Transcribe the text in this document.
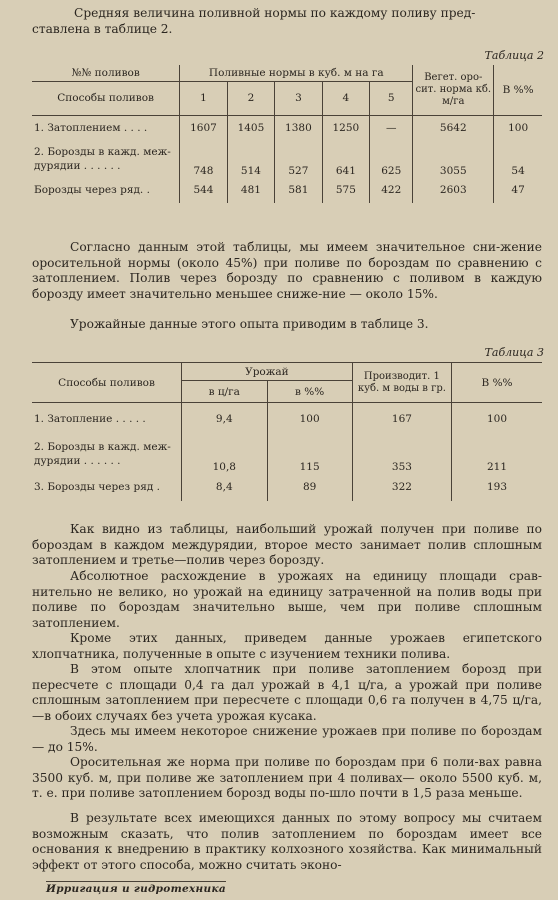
Средняя величина поливной нормы по каждому поливу пред-

ставлена в таблице 2.

Таблица 2
№№ поливов	Поливные нормы в куб. м на га					Вегет. оро-сит. норма кб. м/га	В %%
Способы поливов	1	2	3	4	5		
1. Затоплением . . . .	1607	1405	1380	1250	—	5642	100
2. Борозды в кажд. меж-
дурядии . . . . . .	748	514	527	641	625	3055	54
Борозды через ряд. .	544	481	581	575	422	2603	47

Согласно данным этой таблицы, мы имеем значительное сни-жение оросительной нормы (около 45%) при поливе по бороздам по сравнению с затоплением. Полив через борозду по сравнению с поливом в каждую борозду имеет значительно меньшее сниже-ние — около 15%.

Урожайные данные этого опыта приводим в таблице 3.

Таблица 3
Способы поливов	Урожай		Производит. 1 куб. м воды в гр.	В %%
	в ц/га	в %%		
1. Затопление . . . . .	9,4	100	167	100
2. Борозды в кажд. меж-
дурядии . . . . . .	10,8	115	353	211
3. Борозды через ряд .	8,4	89	322	193

Как видно из таблицы, наибольший урожай получен при поливе по бороздам в каждом междурядии, второе место занимает полив сплошным затоплением и третье—полив через борозду.

Абсолютное расхождение в урожаях на единицу площади срав-нительно не велико, но урожай на единицу затраченной на полив воды при поливе по бороздам значительно выше, чем при поливе сплошным затоплением.

Кроме этих данных, приведем данные урожаев египетского хлопчатника, полученные в опыте с изучением техники полива.

В этом опыте хлопчатник при поливе затоплением борозд при пересчете с площади 0,4 га дал урожай в 4,1 ц/га, а урожай при поливе сплошным затоплением при пересчете с площади 0,6 га получен в 4,75 ц/га,—в обоих случаях без учета урожая кусака.

Здесь мы имеем некоторое снижение урожаев при поливе по бороздам — до 15%.

Оросительная же норма при поливе по бороздам при 6 поли-вах равна 3500 куб. м, при поливе же затоплением при 4 поливах— около 5500 куб. м, т. е. при поливе затоплением борозд воды по-шло почти в 1,5 раза меньше.

В результате всех имеющихся данных по этому вопросу мы считаем возможным сказать, что полив затоплением по бороздам имеет все основания к внедрению в практику колхозного хозяйства. Как минимальный эффект от этого способа, можно считать эконо-

Ирригация и гидротехника
